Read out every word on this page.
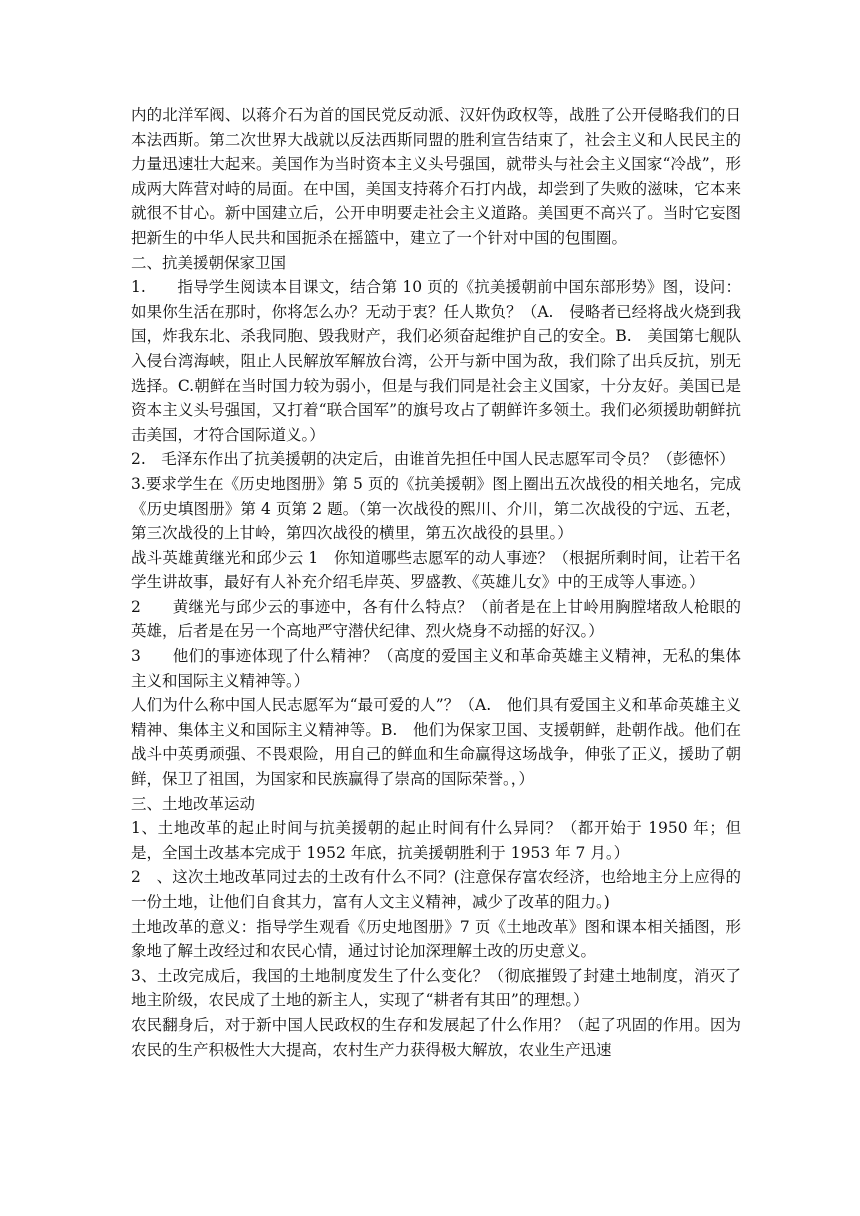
内的北洋军阀、以蒋介石为首的国民党反动派、汉奸伪政权等，战胜了公开侵略我们的日本法西斯。第二次世界大战就以反法西斯同盟的胜利宣告结束了，社会主义和人民民主的力量迅速壮大起来。美国作为当时资本主义头号强国，就带头与社会主义国家“冷战”，形成两大阵营对峙的局面。在中国，美国支持蒋介石打内战，却尝到了失败的滋味，它本来就很不甘心。新中国建立后，公开申明要走社会主义道路。美国更不高兴了。当时它妄图把新生的中华人民共和国扼杀在摇篮中，建立了一个针对中国的包围圈。

二、抗美援朝保家卫国

1.　　指导学生阅读本目课文，结合第 10 页的《抗美援朝前中国东部形势》图，设问：如果你生活在那时，你将怎么办？无动于衷？任人欺负？（A.　侵略者已经将战火烧到我国，炸我东北、杀我同胞、毁我财产，我们必须奋起维护自己的安全。B.　美国第七舰队入侵台湾海峡，阻止人民解放军解放台湾，公开与新中国为敌，我们除了出兵反抗，别无选择。C.朝鲜在当时国力较为弱小，但是与我们同是社会主义国家，十分友好。美国已是资本主义头号强国，又打着“联合国军”的旗号攻占了朝鲜许多领土。我们必须援助朝鲜抗击美国，才符合国际道义。）

2.　毛泽东作出了抗美援朝的决定后，由谁首先担任中国人民志愿军司令员？（彭德怀）

3.要求学生在《历史地图册》第 5 页的《抗美援朝》图上圈出五次战役的相关地名，完成《历史填图册》第 4 页第 2 题。（第一次战役的熙川、介川，第二次战役的宁远、五老，第三次战役的上甘岭，第四次战役的横里，第五次战役的县里。）

战斗英雄黄继光和邱少云 1　你知道哪些志愿军的动人事迹？（根据所剩时间，让若干名学生讲故事，最好有人补充介绍毛岸英、罗盛教、《英雄儿女》中的王成等人事迹。）

2　　黄继光与邱少云的事迹中，各有什么特点？（前者是在上甘岭用胸膛堵敌人枪眼的英雄，后者是在另一个高地严守潜伏纪律、烈火烧身不动摇的好汉。）

3　　他们的事迹体现了什么精神？（高度的爱国主义和革命英雄主义精神，无私的集体主义和国际主义精神等。）

人们为什么称中国人民志愿军为“最可爱的人”？（A.　他们具有爱国主义和革命英雄主义精神、集体主义和国际主义精神等。B.　他们为保家卫国、支援朝鲜，赴朝作战。他们在战斗中英勇顽强、不畏艰险，用自己的鲜血和生命赢得这场战争，伸张了正义，援助了朝鲜，保卫了祖国，为国家和民族赢得了崇高的国际荣誉。，）

三、土地改革运动

1、土地改革的起止时间与抗美援朝的起止时间有什么异同？（都开始于 1950 年；但是，全国土改基本完成于 1952 年底，抗美援朝胜利于 1953 年 7 月。）

2　、这次土地改革同过去的土改有什么不同？(注意保存富农经济，也给地主分上应得的一份土地，让他们自食其力，富有人文主义精神，减少了改革的阻力。)

土地改革的意义：指导学生观看《历史地图册》7 页《土地改革》图和课本相关插图，形象地了解土改经过和农民心情，通过讨论加深理解土改的历史意义。

3、土改完成后，我国的土地制度发生了什么变化？（彻底摧毁了封建土地制度，消灭了地主阶级，农民成了土地的新主人，实现了“耕者有其田”的理想。）

农民翻身后，对于新中国人民政权的生存和发展起了什么作用？（起了巩固的作用。因为农民的生产积极性大大提高，农村生产力获得极大解放，农业生产迅速
